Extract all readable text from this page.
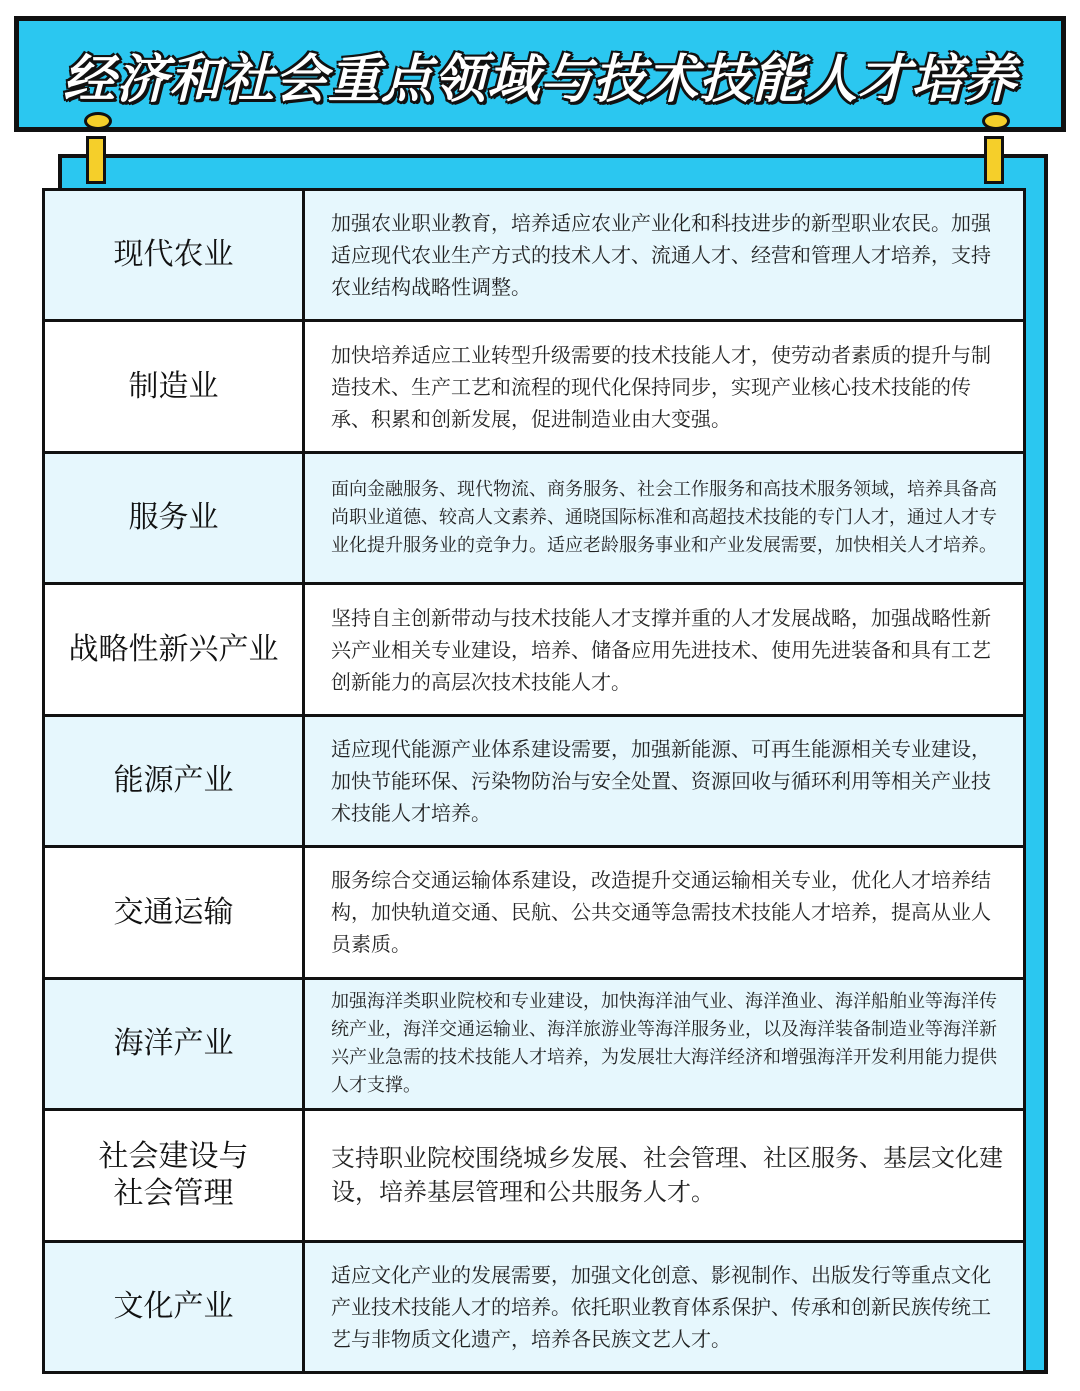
经济和社会重点领域与技术技能人才培养
现代农业

加强农业职业教育，培养适应农业产业化和科技进步的新型职业农民。加强适应现代农业生产方式的技术人才、流通人才、经营和管理人才培养，支持农业结构战略性调整。

制造业

加快培养适应工业转型升级需要的技术技能人才，使劳动者素质的提升与制造技术、生产工艺和流程的现代化保持同步，实现产业核心技术技能的传承、积累和创新发展，促进制造业由大变强。

服务业

面向金融服务、现代物流、商务服务、社会工作服务和高技术服务领域，培养具备高尚职业道德、较高人文素养、通晓国际标准和高超技术技能的专门人才，通过人才专业化提升服务业的竞争力。适应老龄服务事业和产业发展需要，加快相关人才培养。

战略性新兴产业

坚持自主创新带动与技术技能人才支撑并重的人才发展战略，加强战略性新兴产业相关专业建设，培养、储备应用先进技术、使用先进装备和具有工艺创新能力的高层次技术技能人才。

能源产业

适应现代能源产业体系建设需要，加强新能源、可再生能源相关专业建设，加快节能环保、污染物防治与安全处置、资源回收与循环利用等相关产业技术技能人才培养。

交通运输

服务综合交通运输体系建设，改造提升交通运输相关专业，优化人才培养结构，加快轨道交通、民航、公共交通等急需技术技能人才培养，提高从业人员素质。

海洋产业

加强海洋类职业院校和专业建设，加快海洋油气业、海洋渔业、海洋船舶业等海洋传统产业，海洋交通运输业、海洋旅游业等海洋服务业，以及海洋装备制造业等海洋新兴产业急需的技术技能人才培养，为发展壮大海洋经济和增强海洋开发利用能力提供人才支撑。

社会建设与
社会管理

支持职业院校围绕城乡发展、社会管理、社区服务、基层文化建设，培养基层管理和公共服务人才。

文化产业

适应文化产业的发展需要，加强文化创意、影视制作、出版发行等重点文化产业技术技能人才的培养。依托职业教育体系保护、传承和创新民族传统工艺与非物质文化遗产，培养各民族文艺人才。
